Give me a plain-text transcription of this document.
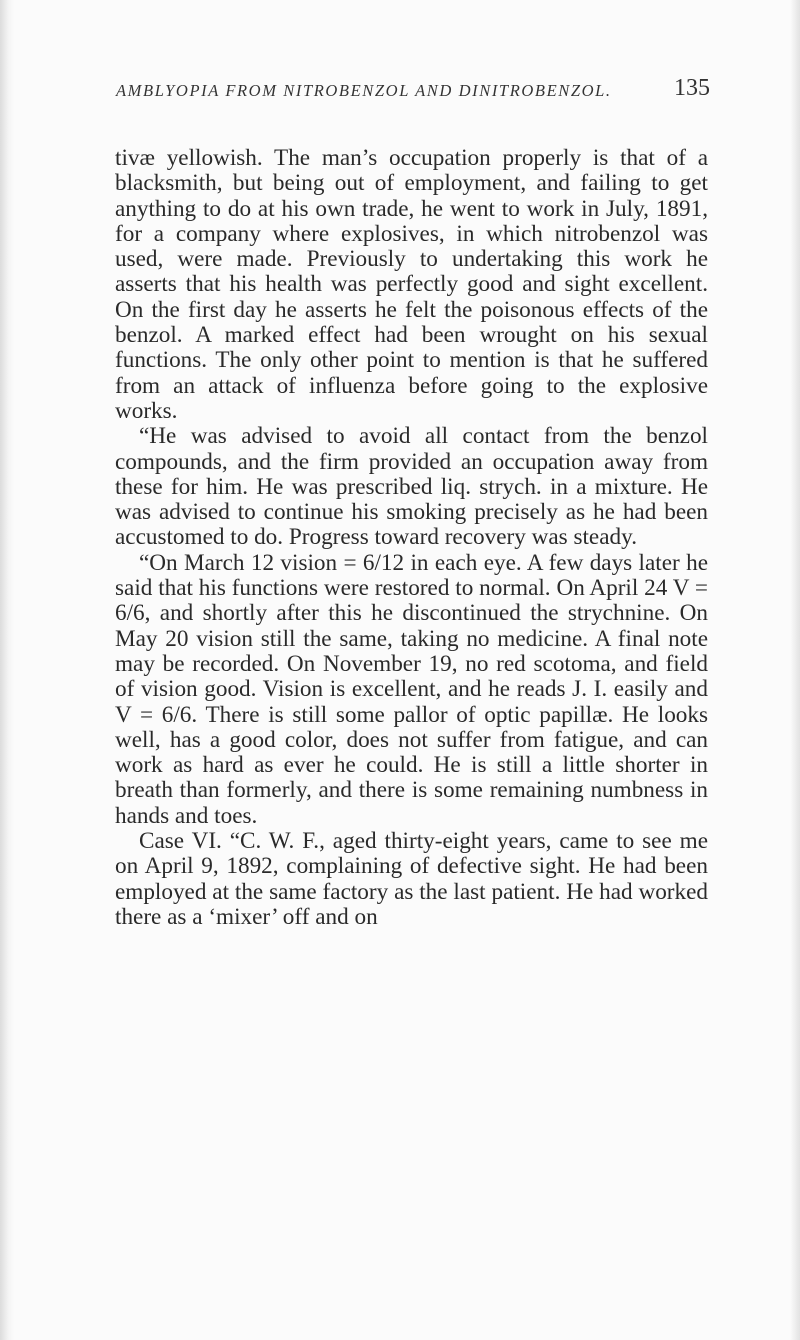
AMBLYOPIA FROM NITROBENZOL AND DINITROBENZOL.	135

tivæ yellowish. The man’s occupation properly is that of a blacksmith, but being out of employment, and failing to get anything to do at his own trade, he went to work in July, 1891, for a company where explosives, in which nitrobenzol was used, were made. Previously to undertaking this work he asserts that his health was perfectly good and sight excellent. On the first day he asserts he felt the poisonous effects of the benzol. A marked effect had been wrought on his sexual functions. The only other point to mention is that he suffered from an attack of influenza before going to the explosive works.

“He was advised to avoid all contact from the benzol compounds, and the firm provided an occupation away from these for him. He was prescribed liq. strych. in a mixture. He was advised to continue his smoking precisely as he had been accustomed to do. Progress toward recovery was steady.

“On March 12 vision = 6/12 in each eye. A few days later he said that his functions were restored to normal. On April 24 V = 6/6, and shortly after this he discontinued the strychnine. On May 20 vision still the same, taking no medicine. A final note may be recorded. On November 19, no red scotoma, and field of vision good. Vision is excellent, and he reads J. I. easily and V = 6/6. There is still some pallor of optic papillæ. He looks well, has a good color, does not suffer from fatigue, and can work as hard as ever he could. He is still a little shorter in breath than formerly, and there is some remaining numbness in hands and toes.

Case VI. “C. W. F., aged thirty-eight years, came to see me on April 9, 1892, complaining of defective sight. He had been employed at the same factory as the last patient. He had worked there as a ‘mixer’ off and on
